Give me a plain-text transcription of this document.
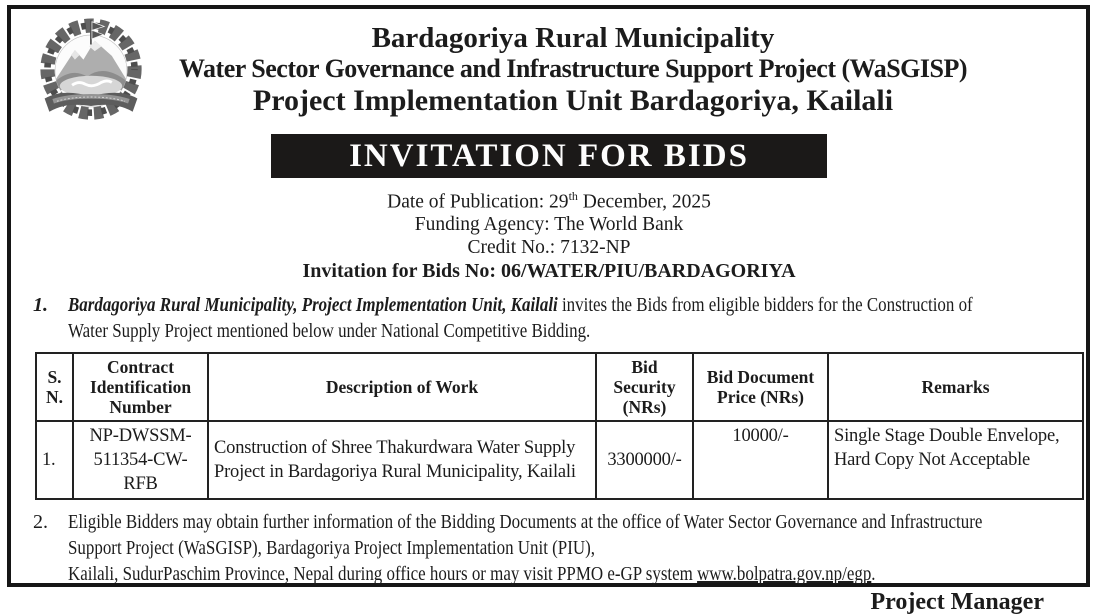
Bardagoriya Rural Municipality
Water Sector Governance and Infrastructure Support Project (WaSGISP)
Project Implementation Unit Bardagoriya, Kailali
INVITATION FOR BIDS
Date of Publication: 29th December, 2025
Funding Agency: The World Bank
Credit No.: 7132-NP
Invitation for Bids No: 06/WATER/PIU/BARDAGORIYA
1.	Bardagoriya Rural Municipality, Project Implementation Unit, Kailali invites the Bids from eligible bidders for the Construction of
Water Supply Project mentioned below under National Competitive Bidding.
S. N.	Contract Identification Number	Description of Work	Bid Security (NRs)	Bid Document Price (NRs)	Remarks
1.	NP-DWSSM-511354-CW-RFB	Construction of Shree Thakurdwara Water Supply Project in Bardagoriya Rural Municipality, Kailali	3300000/-	10000/-	Single Stage Double Envelope, Hard Copy Not Acceptable
2.	Eligible Bidders may obtain further information of the Bidding Documents at the office of Water Sector Governance and Infrastructure
Support Project (WaSGISP), Bardagoriya Project Implementation Unit (PIU),
Kailali, SudurPaschim Province, Nepal during office hours or may visit PPMO e-GP system www.bolpatra.gov.np/egp.
Project Manager
